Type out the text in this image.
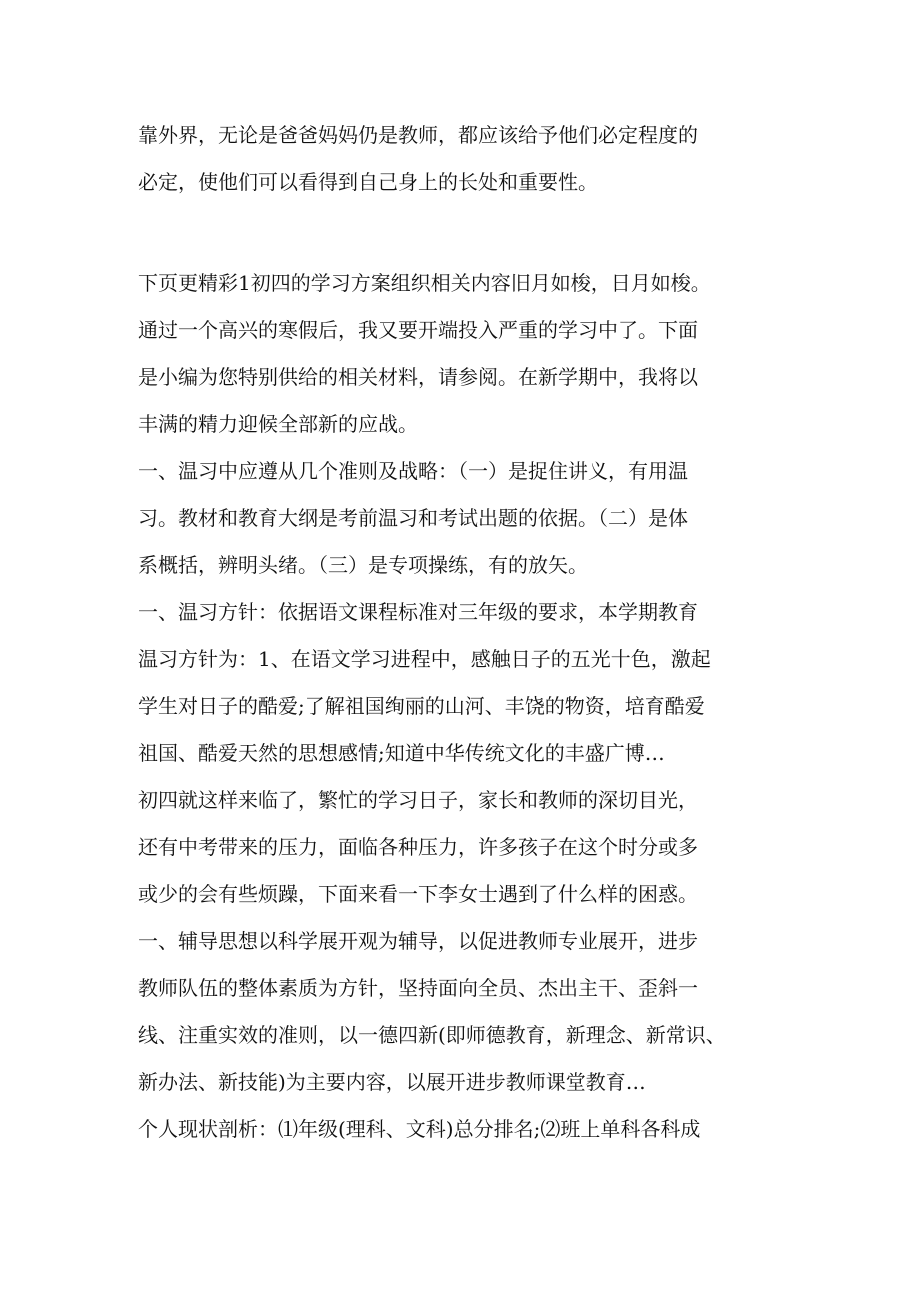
靠外界，无论是爸爸妈妈仍是教师，都应该给予他们必定程度的
必定，使他们可以看得到自己身上的长处和重要性。
下页更精彩1初四的学习方案组织相关内容旧月如梭，日月如梭。
通过一个高兴的寒假后，我又要开端投入严重的学习中了。下面
是小编为您特别供给的相关材料，请参阅。在新学期中，我将以
丰满的精力迎候全部新的应战。
一、温习中应遵从几个准则及战略：（一）是捉住讲义，有用温
习。教材和教育大纲是考前温习和考试出题的依据。（二）是体
系概括，辨明头绪。（三）是专项操练，有的放矢。
一、温习方针：依据语文课程标准对三年级的要求，本学期教育
温习方针为：1、在语文学习进程中，感触日子的五光十色，激起
学生对日子的酷爱;了解祖国绚丽的山河、丰饶的物资，培育酷爱
祖国、酷爱天然的思想感情;知道中华传统文化的丰盛广博…
初四就这样来临了，繁忙的学习日子，家长和教师的深切目光，
还有中考带来的压力，面临各种压力，许多孩子在这个时分或多
或少的会有些烦躁，下面来看一下李女士遇到了什么样的困惑。
一、辅导思想以科学展开观为辅导，以促进教师专业展开，进步
教师队伍的整体素质为方针，坚持面向全员、杰出主干、歪斜一
线、注重实效的准则，以一德四新(即师德教育，新理念、新常识、
新办法、新技能)为主要内容，以展开进步教师课堂教育…
个人现状剖析：⑴年级(理科、文科)总分排名;⑵班上单科各科成
